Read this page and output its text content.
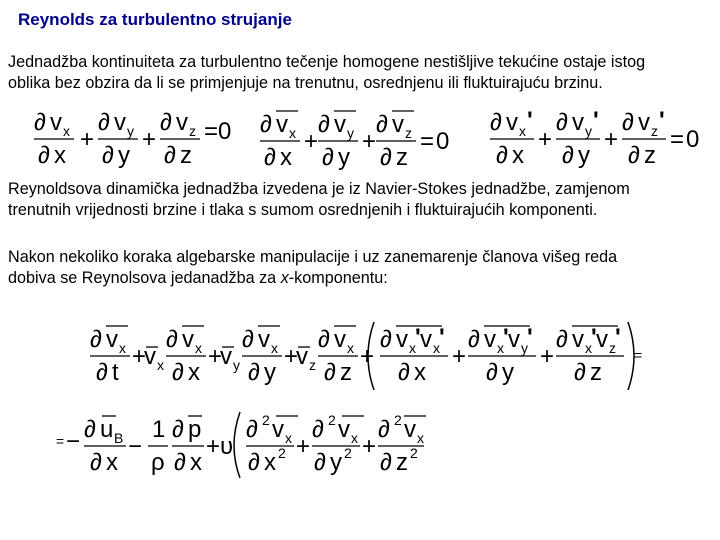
Reynolds za turbulentno strujanje
Jednadžba kontinuiteta za turbulentno tečenje homogene nestišljive tekućine ostaje istog
oblika bez obzira da li se primjenjuje na trenutnu, osrednjenu ili fluktuirajuću brzinu.
∂ v x
∂ x
+
∂ v y
∂ y
+
∂ v z
∂ z
= 0 ∂ v x
∂ x
+
∂ v y
∂ y
+
∂ v z
∂ z
= 0
∂ v x '
∂ x
+
∂ v y '
∂ y
+
∂ v z '
∂ z
= 0
Reynoldsova dinamička jednadžba izvedena je iz Navier-Stokes jednadžbe, zamjenom
trenutnih vrijednosti brzine i tlaka s sumom osrednjenih i fluktuirajućih komponenti.
Nakon nekoliko koraka algebarske manipulacije i uz zanemarenje članova višeg reda
dobiva se Reynolsova jedanadžba za x-komponentu:
∂ v x
∂ t
+
v x
∂ v x
∂ x
+
v y
∂ v x
∂ y
+
v z
∂ v x
∂ z
+
∂ v x ' v x '
∂ x
+
∂ v x ' v y '
∂ y
+
∂ v x ' v z '
∂ z
=
= − ∂ u B
∂ x
−
1
ρ
∂ p
∂ x
+ υ
∂ 2 v x
∂ x 2 +
∂ 2 v x
∂ y 2 +
∂ 2 v x
∂ z 2
